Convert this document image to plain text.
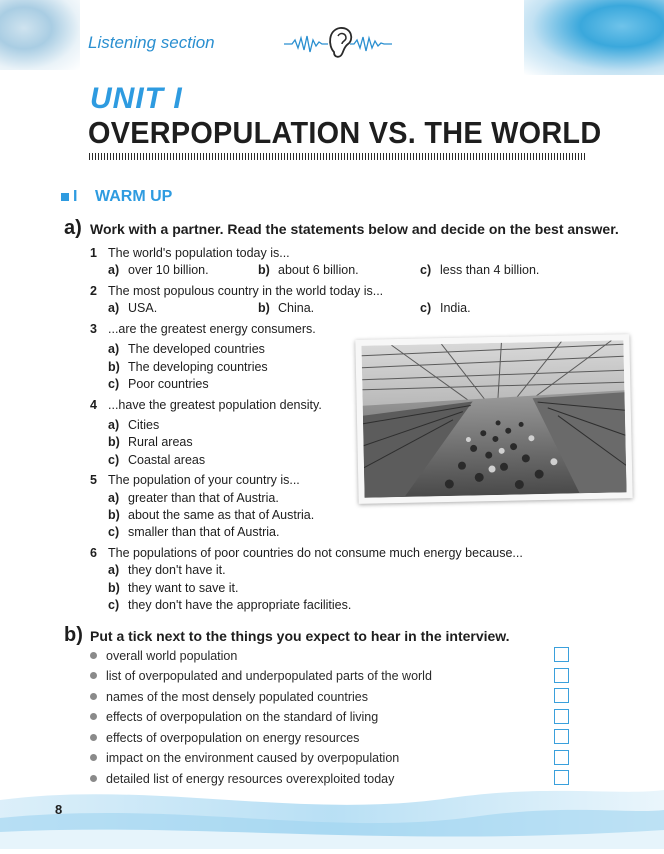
Listening section
UNIT I
OVERPOPULATION VS. THE WORLD
I WARM UP
a) Work with a partner. Read the statements below and decide on the best answer.
1 The world's population today is...
a) over 10 billion.	b) about 6 billion.	c) less than 4 billion.
2 The most populous country in the world today is...
a) USA.	b) China.	c) India.
3 ...are the greatest energy consumers.
a) The developed countries
b) The developing countries
c) Poor countries
4 ...have the greatest population density.
a) Cities
b) Rural areas
c) Coastal areas
5 The population of your country is...
a) greater than that of Austria.
b) about the same as that of Austria.
c) smaller than that of Austria.
6 The populations of poor countries do not consume much energy because...
a) they don't have it.
b) they want to save it.
c) they don't have the appropriate facilities.
b) Put a tick next to the things you expect to hear in the interview.
overall world population
list of overpopulated and underpopulated parts of the world
names of the most densely populated countries
effects of overpopulation on the standard of living
effects of overpopulation on energy resources
impact on the environment caused by overpopulation
detailed list of energy resources overexploited today
8
